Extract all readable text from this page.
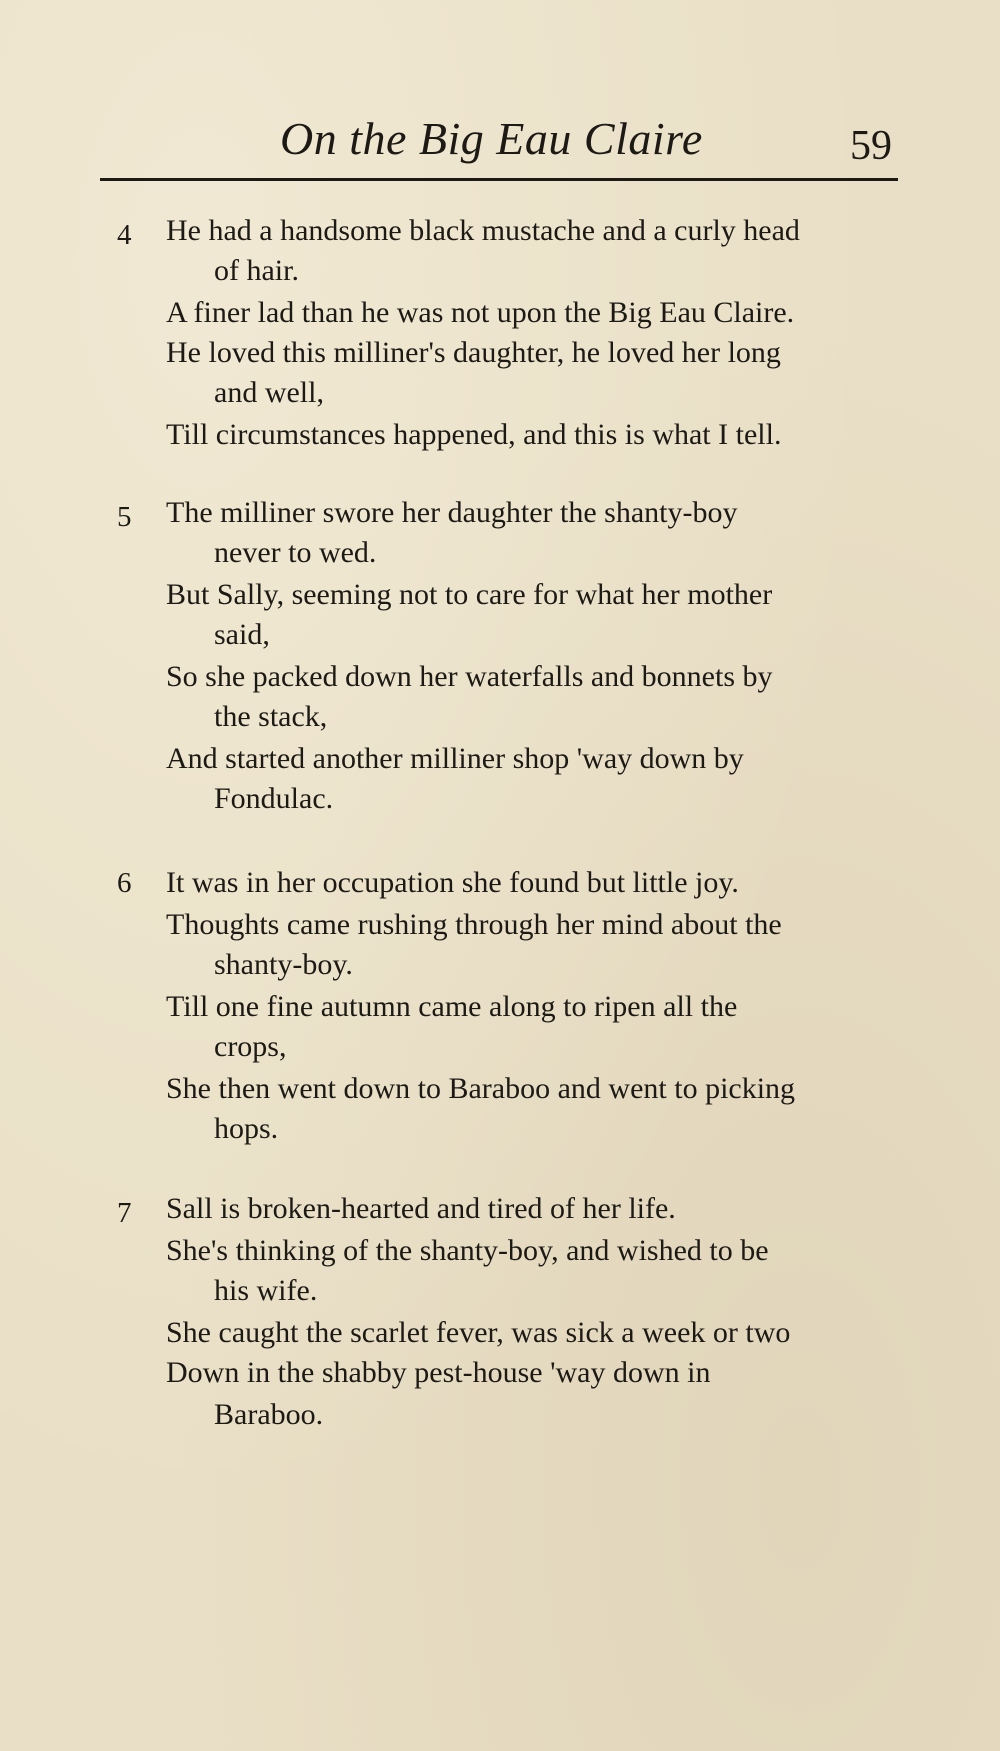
On the Big Eau Claire	59
4 He had a handsome black mustache and a curly head
of hair.
A finer lad than he was not upon the Big Eau Claire.
He loved this milliner's daughter, he loved her long
and well,
Till circumstances happened, and this is what I tell.
5 The milliner swore her daughter the shanty-boy
never to wed.
But Sally, seeming not to care for what her mother
said,
So she packed down her waterfalls and bonnets by
the stack,
And started another milliner shop 'way down by
Fondulac.
6 It was in her occupation she found but little joy.
Thoughts came rushing through her mind about the
shanty-boy.
Till one fine autumn came along to ripen all the
crops,
She then went down to Baraboo and went to picking
hops.
7 Sall is broken-hearted and tired of her life.
She's thinking of the shanty-boy, and wished to be
his wife.
She caught the scarlet fever, was sick a week or two
Down in the shabby pest-house 'way down in
Baraboo.
